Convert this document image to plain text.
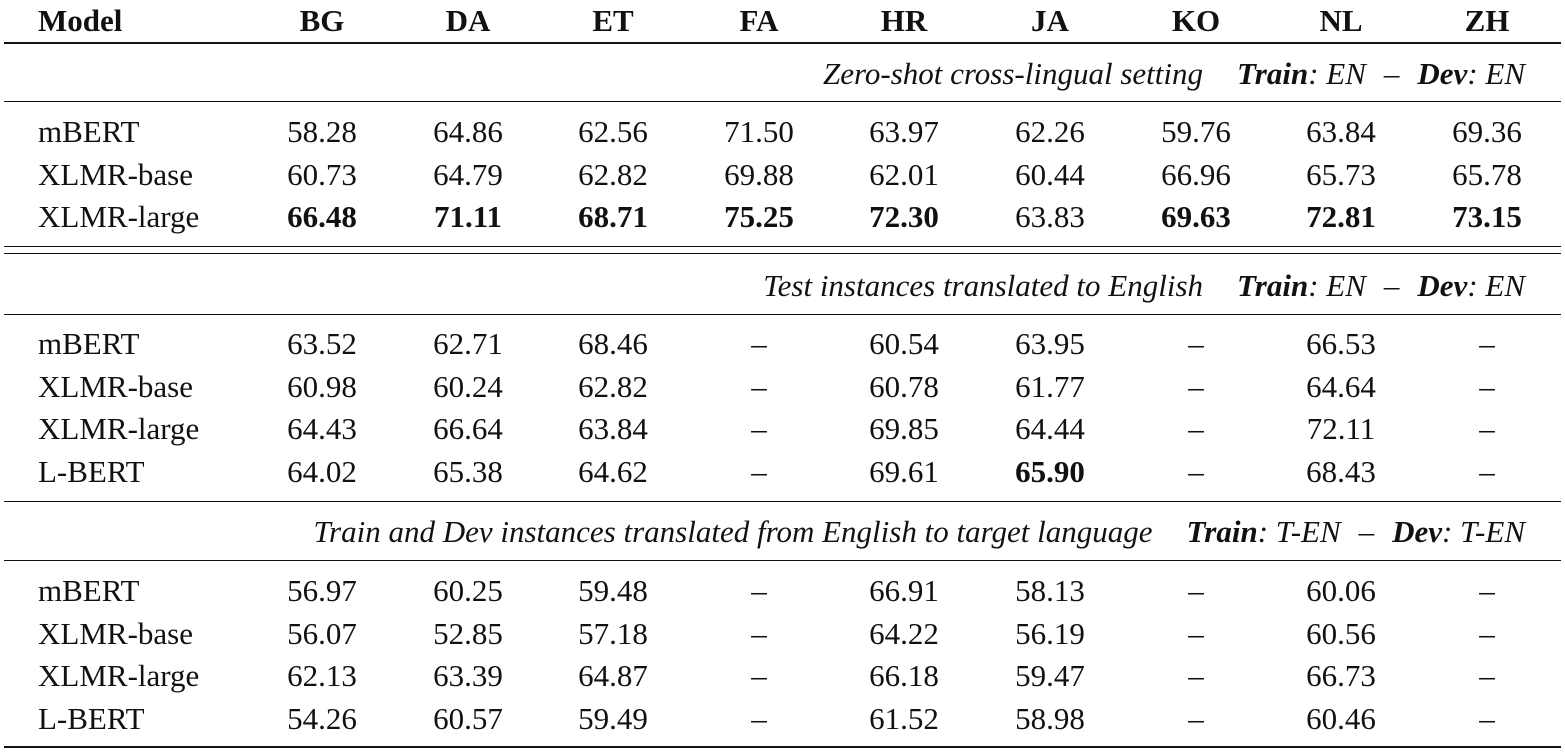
Model	BG	DA	ET	FA	HR	JA	KO	NL	ZH
Zero-shot cross-lingual setting Train: EN – Dev: EN
mBERT	58.28 64.86 62.56 71.50 63.97 62.26 59.76 63.84 69.36
XLMR-base	60.73 64.79 62.82 69.88 62.01 60.44 66.96 65.73 65.78
XLMR-large	66.48 71.11 68.71 75.25 72.30 63.83 69.63 72.81 73.15
Test instances translated to English Train: EN – Dev: EN
mBERT	63.52 62.71 68.46	–	60.54 63.95	–	66.53	–
XLMR-base	60.98 60.24 62.82	–	60.78 61.77	–	64.64	–
XLMR-large	64.43 66.64 63.84	–	69.85 64.44	–	72.11	–
L-BERT	64.02 65.38 64.62	–	69.61 65.90	–	68.43	–
Train and Dev instances translated from English to target language Train: T-EN – Dev: T-EN
mBERT	56.97 60.25 59.48	–	66.91 58.13	–	60.06	–
XLMR-base	56.07 52.85 57.18	–	64.22 56.19	–	60.56	–
XLMR-large	62.13 63.39 64.87	–	66.18 59.47	–	66.73	–
L-BERT	54.26 60.57 59.49	–	61.52 58.98	–	60.46	–
